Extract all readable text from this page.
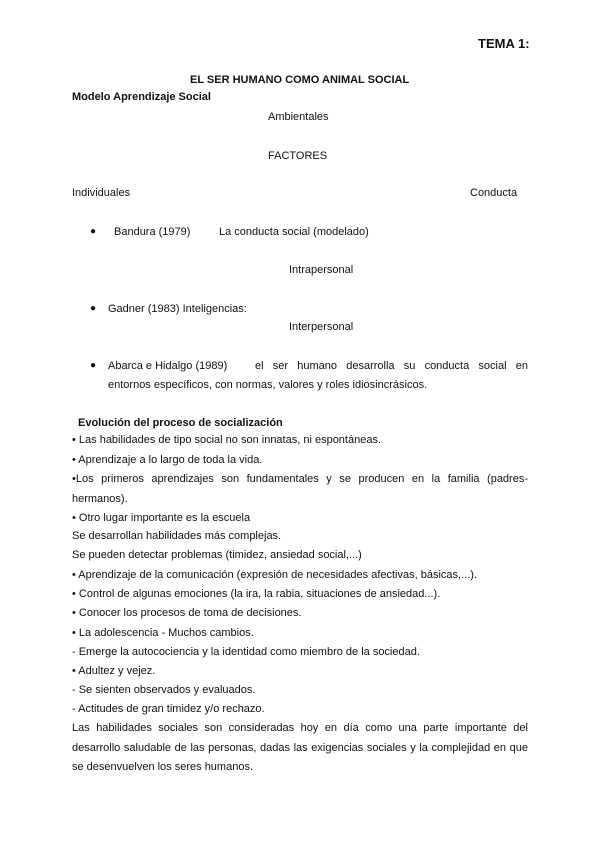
TEMA 1:
EL SER HUMANO COMO ANIMAL SOCIAL
Modelo Aprendizaje Social
Ambientales
FACTORES
Individuales	Conducta
● Bandura (1979)	La conducta social (modelado)
Intrapersonal
● Gadner (1983) Inteligencias:
Interpersonal
● Abarca e Hidalgo (1989)	el ser humano desarrolla su conducta social en
entornos específicos, con normas, valores y roles idiosincrásicos.
Evolución del proceso de socialización
• Las habilidades de tipo social no son innatas, ni espontáneas.
• Aprendizaje a lo largo de toda la vida.
•Los primeros aprendizajes son fundamentales y se producen en la familia (padres-hermanos).
• Otro lugar importante es la escuela
Se desarrollan habilidades más complejas.
Se pueden detectar problemas (timidez, ansiedad social,...)
• Aprendizaje de la comunicación (expresión de necesidades afectivas, básicas,...).
• Control de algunas emociones (la ira, la rabia, situaciones de ansiedad...).
• Conocer los procesos de toma de decisiones.
• La adolescencia - Muchos cambios.
- Emerge la autocociencia y la identidad como miembro de la sociedad.
• Adultez y vejez.
- Se sienten observados y evaluados.
- Actitudes de gran timidez y/o rechazo.
Las habilidades sociales son consideradas hoy en día como una parte importante del desarrollo saludable de las personas, dadas las exigencias sociales y la complejidad en que se desenvuelven los seres humanos.
